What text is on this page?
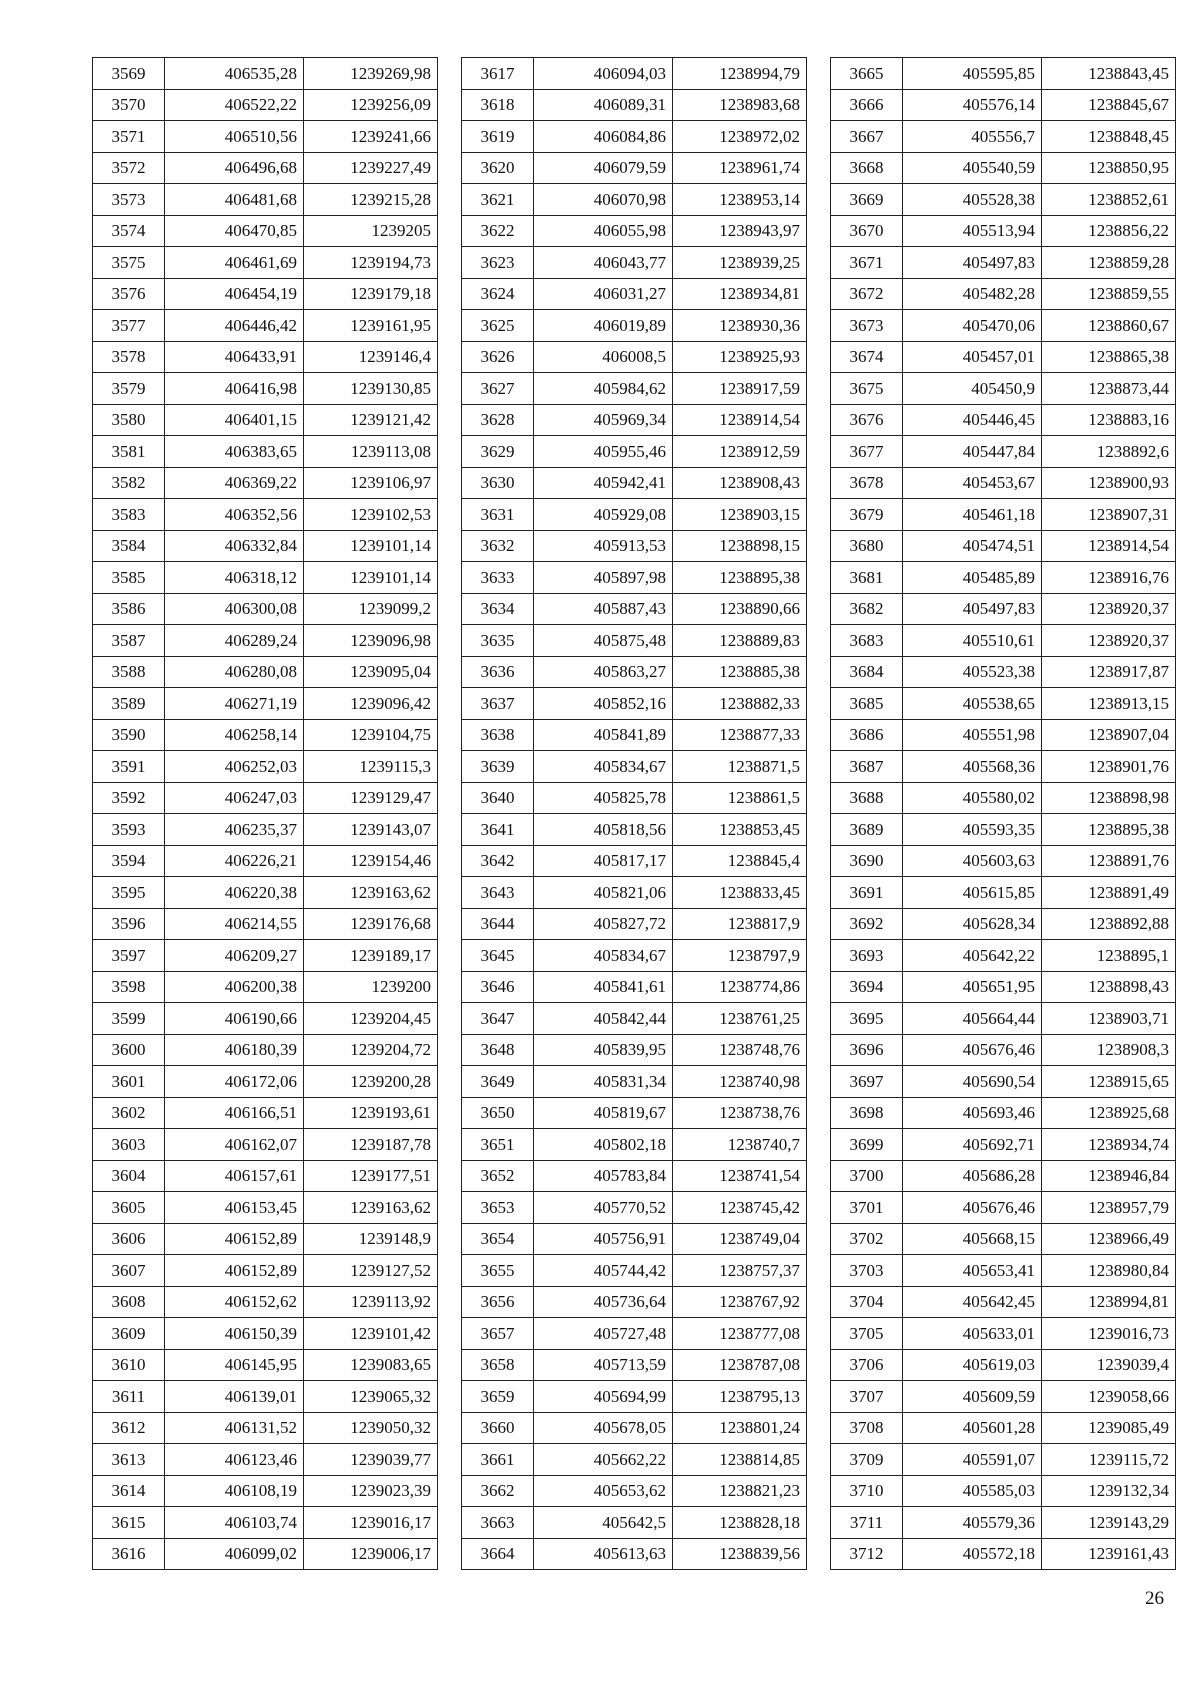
3569	406535,28	1239269,98
3570	406522,22	1239256,09
3571	406510,56	1239241,66
3572	406496,68	1239227,49
3573	406481,68	1239215,28
3574	406470,85	1239205
3575	406461,69	1239194,73
3576	406454,19	1239179,18
3577	406446,42	1239161,95
3578	406433,91	1239146,4
3579	406416,98	1239130,85
3580	406401,15	1239121,42
3581	406383,65	1239113,08
3582	406369,22	1239106,97
3583	406352,56	1239102,53
3584	406332,84	1239101,14
3585	406318,12	1239101,14
3586	406300,08	1239099,2
3587	406289,24	1239096,98
3588	406280,08	1239095,04
3589	406271,19	1239096,42
3590	406258,14	1239104,75
3591	406252,03	1239115,3
3592	406247,03	1239129,47
3593	406235,37	1239143,07
3594	406226,21	1239154,46
3595	406220,38	1239163,62
3596	406214,55	1239176,68
3597	406209,27	1239189,17
3598	406200,38	1239200
3599	406190,66	1239204,45
3600	406180,39	1239204,72
3601	406172,06	1239200,28
3602	406166,51	1239193,61
3603	406162,07	1239187,78
3604	406157,61	1239177,51
3605	406153,45	1239163,62
3606	406152,89	1239148,9
3607	406152,89	1239127,52
3608	406152,62	1239113,92
3609	406150,39	1239101,42
3610	406145,95	1239083,65
3611	406139,01	1239065,32
3612	406131,52	1239050,32
3613	406123,46	1239039,77
3614	406108,19	1239023,39
3615	406103,74	1239016,17
3616	406099,02	1239006,17
3617	406094,03	1238994,79
3618	406089,31	1238983,68
3619	406084,86	1238972,02
3620	406079,59	1238961,74
3621	406070,98	1238953,14
3622	406055,98	1238943,97
3623	406043,77	1238939,25
3624	406031,27	1238934,81
3625	406019,89	1238930,36
3626	406008,5	1238925,93
3627	405984,62	1238917,59
3628	405969,34	1238914,54
3629	405955,46	1238912,59
3630	405942,41	1238908,43
3631	405929,08	1238903,15
3632	405913,53	1238898,15
3633	405897,98	1238895,38
3634	405887,43	1238890,66
3635	405875,48	1238889,83
3636	405863,27	1238885,38
3637	405852,16	1238882,33
3638	405841,89	1238877,33
3639	405834,67	1238871,5
3640	405825,78	1238861,5
3641	405818,56	1238853,45
3642	405817,17	1238845,4
3643	405821,06	1238833,45
3644	405827,72	1238817,9
3645	405834,67	1238797,9
3646	405841,61	1238774,86
3647	405842,44	1238761,25
3648	405839,95	1238748,76
3649	405831,34	1238740,98
3650	405819,67	1238738,76
3651	405802,18	1238740,7
3652	405783,84	1238741,54
3653	405770,52	1238745,42
3654	405756,91	1238749,04
3655	405744,42	1238757,37
3656	405736,64	1238767,92
3657	405727,48	1238777,08
3658	405713,59	1238787,08
3659	405694,99	1238795,13
3660	405678,05	1238801,24
3661	405662,22	1238814,85
3662	405653,62	1238821,23
3663	405642,5	1238828,18
3664	405613,63	1238839,56
3665	405595,85	1238843,45
3666	405576,14	1238845,67
3667	405556,7	1238848,45
3668	405540,59	1238850,95
3669	405528,38	1238852,61
3670	405513,94	1238856,22
3671	405497,83	1238859,28
3672	405482,28	1238859,55
3673	405470,06	1238860,67
3674	405457,01	1238865,38
3675	405450,9	1238873,44
3676	405446,45	1238883,16
3677	405447,84	1238892,6
3678	405453,67	1238900,93
3679	405461,18	1238907,31
3680	405474,51	1238914,54
3681	405485,89	1238916,76
3682	405497,83	1238920,37
3683	405510,61	1238920,37
3684	405523,38	1238917,87
3685	405538,65	1238913,15
3686	405551,98	1238907,04
3687	405568,36	1238901,76
3688	405580,02	1238898,98
3689	405593,35	1238895,38
3690	405603,63	1238891,76
3691	405615,85	1238891,49
3692	405628,34	1238892,88
3693	405642,22	1238895,1
3694	405651,95	1238898,43
3695	405664,44	1238903,71
3696	405676,46	1238908,3
3697	405690,54	1238915,65
3698	405693,46	1238925,68
3699	405692,71	1238934,74
3700	405686,28	1238946,84
3701	405676,46	1238957,79
3702	405668,15	1238966,49
3703	405653,41	1238980,84
3704	405642,45	1238994,81
3705	405633,01	1239016,73
3706	405619,03	1239039,4
3707	405609,59	1239058,66
3708	405601,28	1239085,49
3709	405591,07	1239115,72
3710	405585,03	1239132,34
3711	405579,36	1239143,29
3712	405572,18	1239161,43
26
